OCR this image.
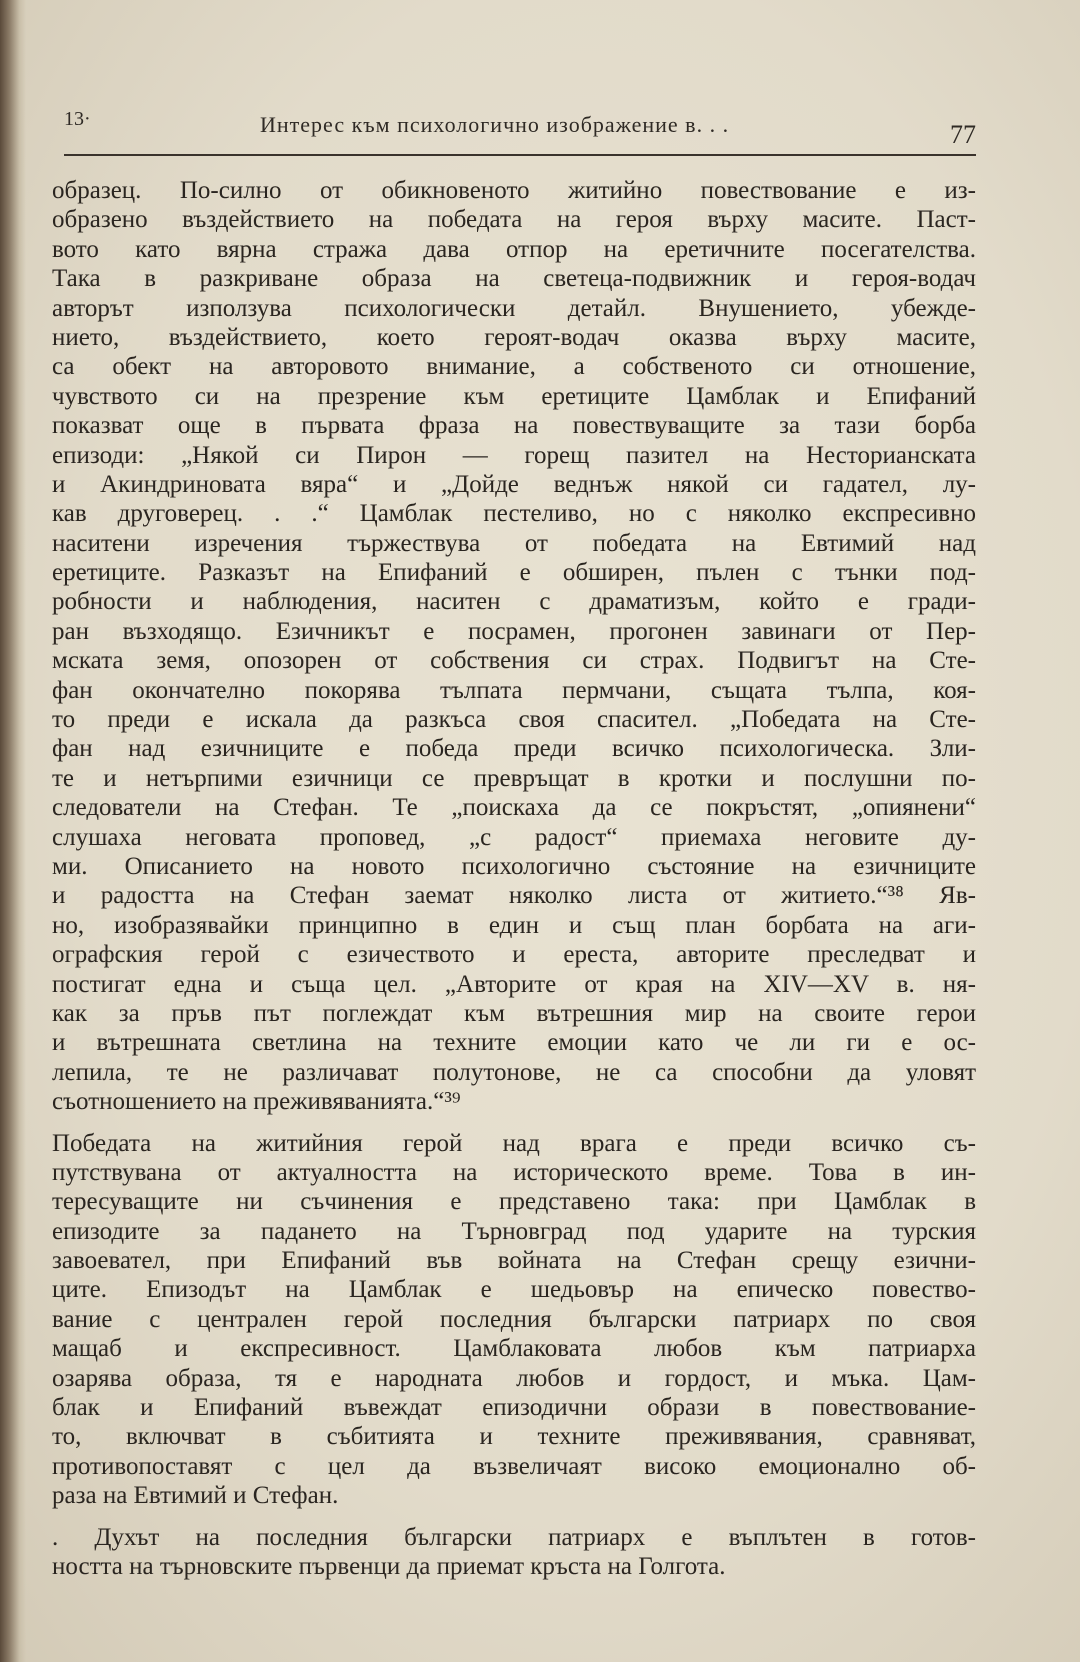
13·	Интерес към психологично изображение в. . .	77
образец. По-силно от обикновеното житийно повествование е из-
образено въздействието на победата на героя върху масите. Паст-
вото като вярна стража дава отпор на еретичните посегателства.
Така в разкриване образа на светеца-подвижник и героя-водач
авторът използува психологически детайл. Внушението, убежде-
нието, въздействието, което героят-водач оказва върху масите,
са обект на авторовото внимание, а собственото си отношение,
чувството си на презрение към еретиците Цамблак и Епифаний
показват още в първата фраза на повествуващите за тази борба
епизоди: „Някой си Пирон — горещ пазител на Несторианската
и Акиндриновата вяра“ и „Дойде веднъж някой си гадател, лу-
кав друговерец. . .“ Цамблак пестеливо, но с няколко експресивно
наситени изречения тържествува от победата на Евтимий над
еретиците. Разказът на Епифаний е обширен, пълен с тънки под-
робности и наблюдения, наситен с драматизъм, който е гради-
ран възходящо. Езичникът е посрамен, прогонен завинаги от Пер-
мската земя, опозорен от собствения си страх. Подвигът на Сте-
фан окончателно покорява тълпата пермчани, същата тълпа, коя-
то преди е искала да разкъса своя спасител. „Победата на Сте-
фан над езичниците е победа преди всичко психологическа. Зли-
те и нетърпими езичници се превръщат в кротки и послушни по-
следователи на Стефан. Те „поискаха да се покръстят, „опиянени“
слушаха неговата проповед, „с радост“ приемаха неговите ду-
ми. Описанието на новото психологично състояние на езичниците
и радостта на Стефан заемат няколко листа от житието.“³⁸ Яв-
но, изобразявайки принципно в един и същ план борбата на аги-
ографския герой с езичеството и ереста, авторите преследват и
постигат една и съща цел. „Авторите от края на XIV—XV в. ня-
как за пръв път поглеждат към вътрешния мир на своите герои
и вътрешната светлина на техните емоции като че ли ги е ос-
лепила, те не различават полутонове, не са способни да уловят
съотношението на преживяванията.“³⁹
Победата на житийния герой над врага е преди всичко съ-
путствувана от актуалността на историческото време. Това в ин-
тересуващите ни съчинения е представено така: при Цамблак в
епизодите за падането на Търновград под ударите на турския
завоевател, при Епифаний във войната на Стефан срещу езични-
ците. Епизодът на Цамблак е шедьовър на епическо повество-
вание с централен герой последния български патриарх по своя
мащаб и експресивност. Цамблаковата любов към патриарха
озарява образа, тя е народната любов и гордост, и мъка. Цам-
блак и Епифаний въвеждат епизодични образи в повествование-
то, включват в събитията и техните преживявания, сравняват,
противопоставят с цел да възвеличаят високо емоционално об-
раза на Евтимий и Стефан.
. Духът на последния български патриарх е въплътен в готов-
ността на търновските първенци да приемат кръста на Голгота.
